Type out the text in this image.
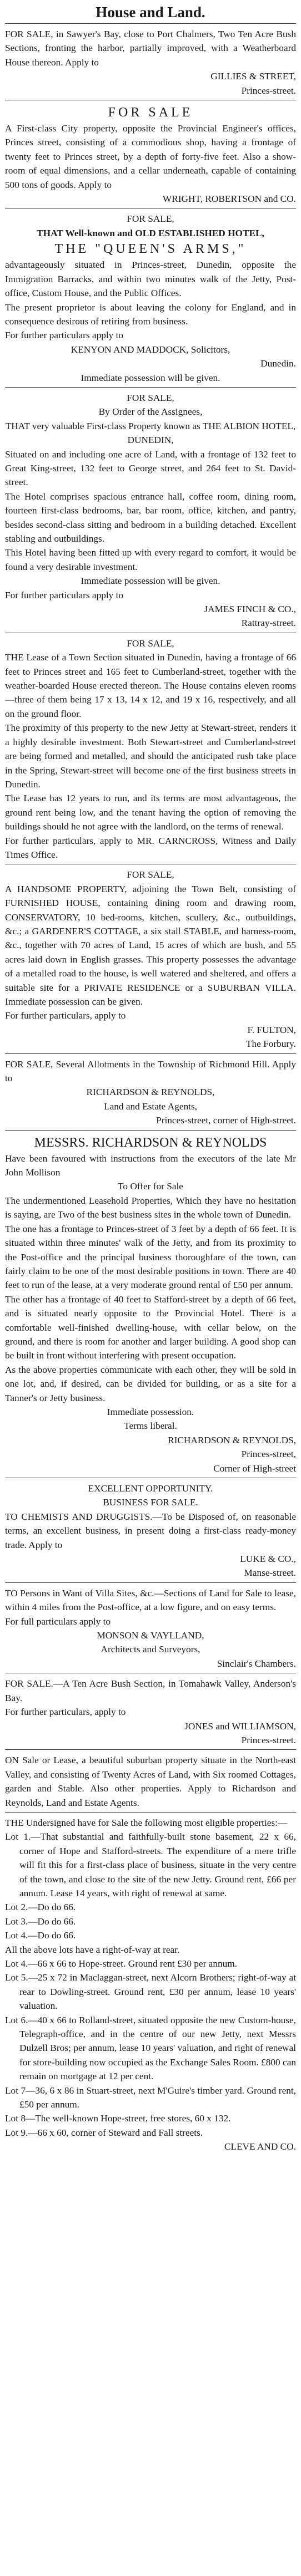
House and Land.

FOR SALE, in Sawyer's Bay, close to Port Chalmers, Two Ten Acre Bush Sections, fronting the harbor, partially improved, with a Weatherboard House thereon. Apply to

GILLIES & STREET,

Princes-street.

FOR SALE

A First-class City property, opposite the Provincial Engineer's offices, Princes street, consisting of a commodious shop, having a frontage of twenty feet to Princes street, by a depth of forty-five feet. Also a show-room of equal dimensions, and a cellar underneath, capable of containing 500 tons of goods. Apply to

WRIGHT, ROBERTSON and CO.

FOR SALE,

THAT Well-known and OLD ESTABLISHED HOTEL,

THE "QUEEN'S ARMS,"

advantageously situated in Princes-street, Dunedin, opposite the Immigration Barracks, and within two minutes walk of the Jetty, Post-office, Custom House, and the Public Offices.

The present proprietor is about leaving the colony for England, and in consequence desirous of retiring from business.

For further particulars apply to

KENYON AND MADDOCK, Solicitors,

Dunedin.

Immediate possession will be given.

FOR SALE,

By Order of the Assignees,

THAT very valuable First-class Property known as THE ALBION HOTEL, DUNEDIN,

Situated on and including one acre of Land, with a frontage of 132 feet to Great King-street, 132 feet to George street, and 264 feet to St. David-street.

The Hotel comprises spacious entrance hall, coffee room, dining room, fourteen first-class bedrooms, bar, bar room, office, kitchen, and pantry, besides second-class sitting and bedroom in a building detached. Excellent stabling and outbuildings.

This Hotel having been fitted up with every regard to comfort, it would be found a very desirable investment.

Immediate possession will be given.

For further particulars apply to

JAMES FINCH & CO.,

Rattray-street.

FOR SALE,

THE Lease of a Town Section situated in Dunedin, having a frontage of 66 feet to Princes street and 165 feet to Cumberland-street, together with the weather-boarded House erected thereon. The House contains eleven rooms—three of them being 17 x 13, 14 x 12, and 19 x 16, respectively, and all on the ground floor.

The proximity of this property to the new Jetty at Stewart-street, renders it a highly desirable investment. Both Stewart-street and Cumberland-street are being formed and metalled, and should the anticipated rush take place in the Spring, Stewart-street will become one of the first business streets in Dunedin.

The Lease has 12 years to run, and its terms are most advantageous, the ground rent being low, and the tenant having the option of removing the buildings should he not agree with the landlord, on the terms of renewal.

For further particulars, apply to MR. CARNCROSS, Witness and Daily Times Office.

FOR SALE,

A HANDSOME PROPERTY, adjoining the Town Belt, consisting of FURNISHED HOUSE, containing dining room and drawing room, CONSERVATORY, 10 bed-rooms, kitchen, scullery, &c., outbuildings, &c.; a GARDENER'S COTTAGE, a six stall STABLE, and harness-room, &c., together with 70 acres of Land, 15 acres of which are bush, and 55 acres laid down in English grasses. This property possesses the advantage of a metalled road to the house, is well watered and sheltered, and offers a suitable site for a PRIVATE RESIDENCE or a SUBURBAN VILLA. Immediate possession can be given.

For further particulars, apply to

F. FULTON,

The Forbury.

FOR SALE, Several Allotments in the Township of Richmond Hill. Apply to

RICHARDSON & REYNOLDS,

Land and Estate Agents,

Princes-street, corner of High-street.

MESSRS. RICHARDSON & REYNOLDS

Have been favoured with instructions from the executors of the late Mr John Mollison

To Offer for Sale

The undermentioned Leasehold Properties, Which they have no hesitation is saying, are Two of the best business sites in the whole town of Dunedin.

The one has a frontage to Princes-street of 3 feet by a depth of 66 feet. It is situated within three minutes' walk of the Jetty, and from its proximity to the Post-office and the principal business thoroughfare of the town, can fairly claim to be one of the most desirable positions in town. There are 40 feet to run of the lease, at a very moderate ground rental of £50 per annum.

The other has a frontage of 40 feet to Stafford-street by a depth of 66 feet, and is situated nearly opposite to the Provincial Hotel. There is a comfortable well-finished dwelling-house, with cellar below, on the ground, and there is room for another and larger building. A good shop can be built in front without interfering with present occupation.

As the above properties communicate with each other, they will be sold in one lot, and, if desired, can be divided for building, or as a site for a Tanner's or Jetty business.

Immediate possession.

Terms liberal.

RICHARDSON & REYNOLDS,

Princes-street,

Corner of High-street

EXCELLENT OPPORTUNITY.

BUSINESS FOR SALE.

TO CHEMISTS AND DRUGGISTS.—To be Disposed of, on reasonable terms, an excellent business, in present doing a first-class ready-money trade. Apply to

LUKE & CO.,

Manse-street.

TO Persons in Want of Villa Sites, &c.—Sections of Land for Sale to lease, within 4 miles from the Post-office, at a low figure, and on easy terms.

For full particulars apply to

MONSON & VAYLLAND,

Architects and Surveyors,

Sinclair's Chambers.

FOR SALE.—A Ten Acre Bush Section, in Tomahawk Valley, Anderson's Bay.

For further particulars, apply to

JONES and WILLIAMSON,

Princes-street.

ON Sale or Lease, a beautiful suburban property situate in the North-east Valley, and consisting of Twenty Acres of Land, with Six roomed Cottages, garden and Stable. Also other properties. Apply to Richardson and Reynolds, Land and Estate Agents.

THE Undersigned have for Sale the following most eligible properties:—

Lot 1.—That substantial and faithfully-built stone basement, 22 x 66, corner of Hope and Stafford-streets. The expenditure of a mere trifle will fit this for a first-class place of business, situate in the very centre of the town, and close to the site of the new Jetty. Ground rent, £66 per annum. Lease 14 years, with right of renewal at same.

Lot 2.—Do do 66.

Lot 3.—Do do 66.

Lot 4.—Do do 66.

All the above lots have a right-of-way at rear.

Lot 4.—66 x 66 to Hope-street. Ground rent £30 per annum.

Lot 5.—25 x 72 in Maclaggan-street, next Alcorn Brothers; right-of-way at rear to Dowling-street. Ground rent, £30 per annum, lease 10 years' valuation.

Lot 6.—40 x 66 to Rolland-street, situated opposite the new Custom-house, Telegraph-office, and in the centre of our new Jetty, next Messrs Dulzell Bros; per annum, lease 10 years' valuation, and right of renewal for store-building now occupied as the Exchange Sales Room. £800 can remain on mortgage at 12 per cent.

Lot 7—36, 6 x 86 in Stuart-street, next M'Guire's timber yard. Ground rent, £50 per annum.

Lot 8—The well-known Hope-street, free stores, 60 x 132.

Lot 9.—66 x 60, corner of Steward and Fall streets.

CLEVE AND CO.
